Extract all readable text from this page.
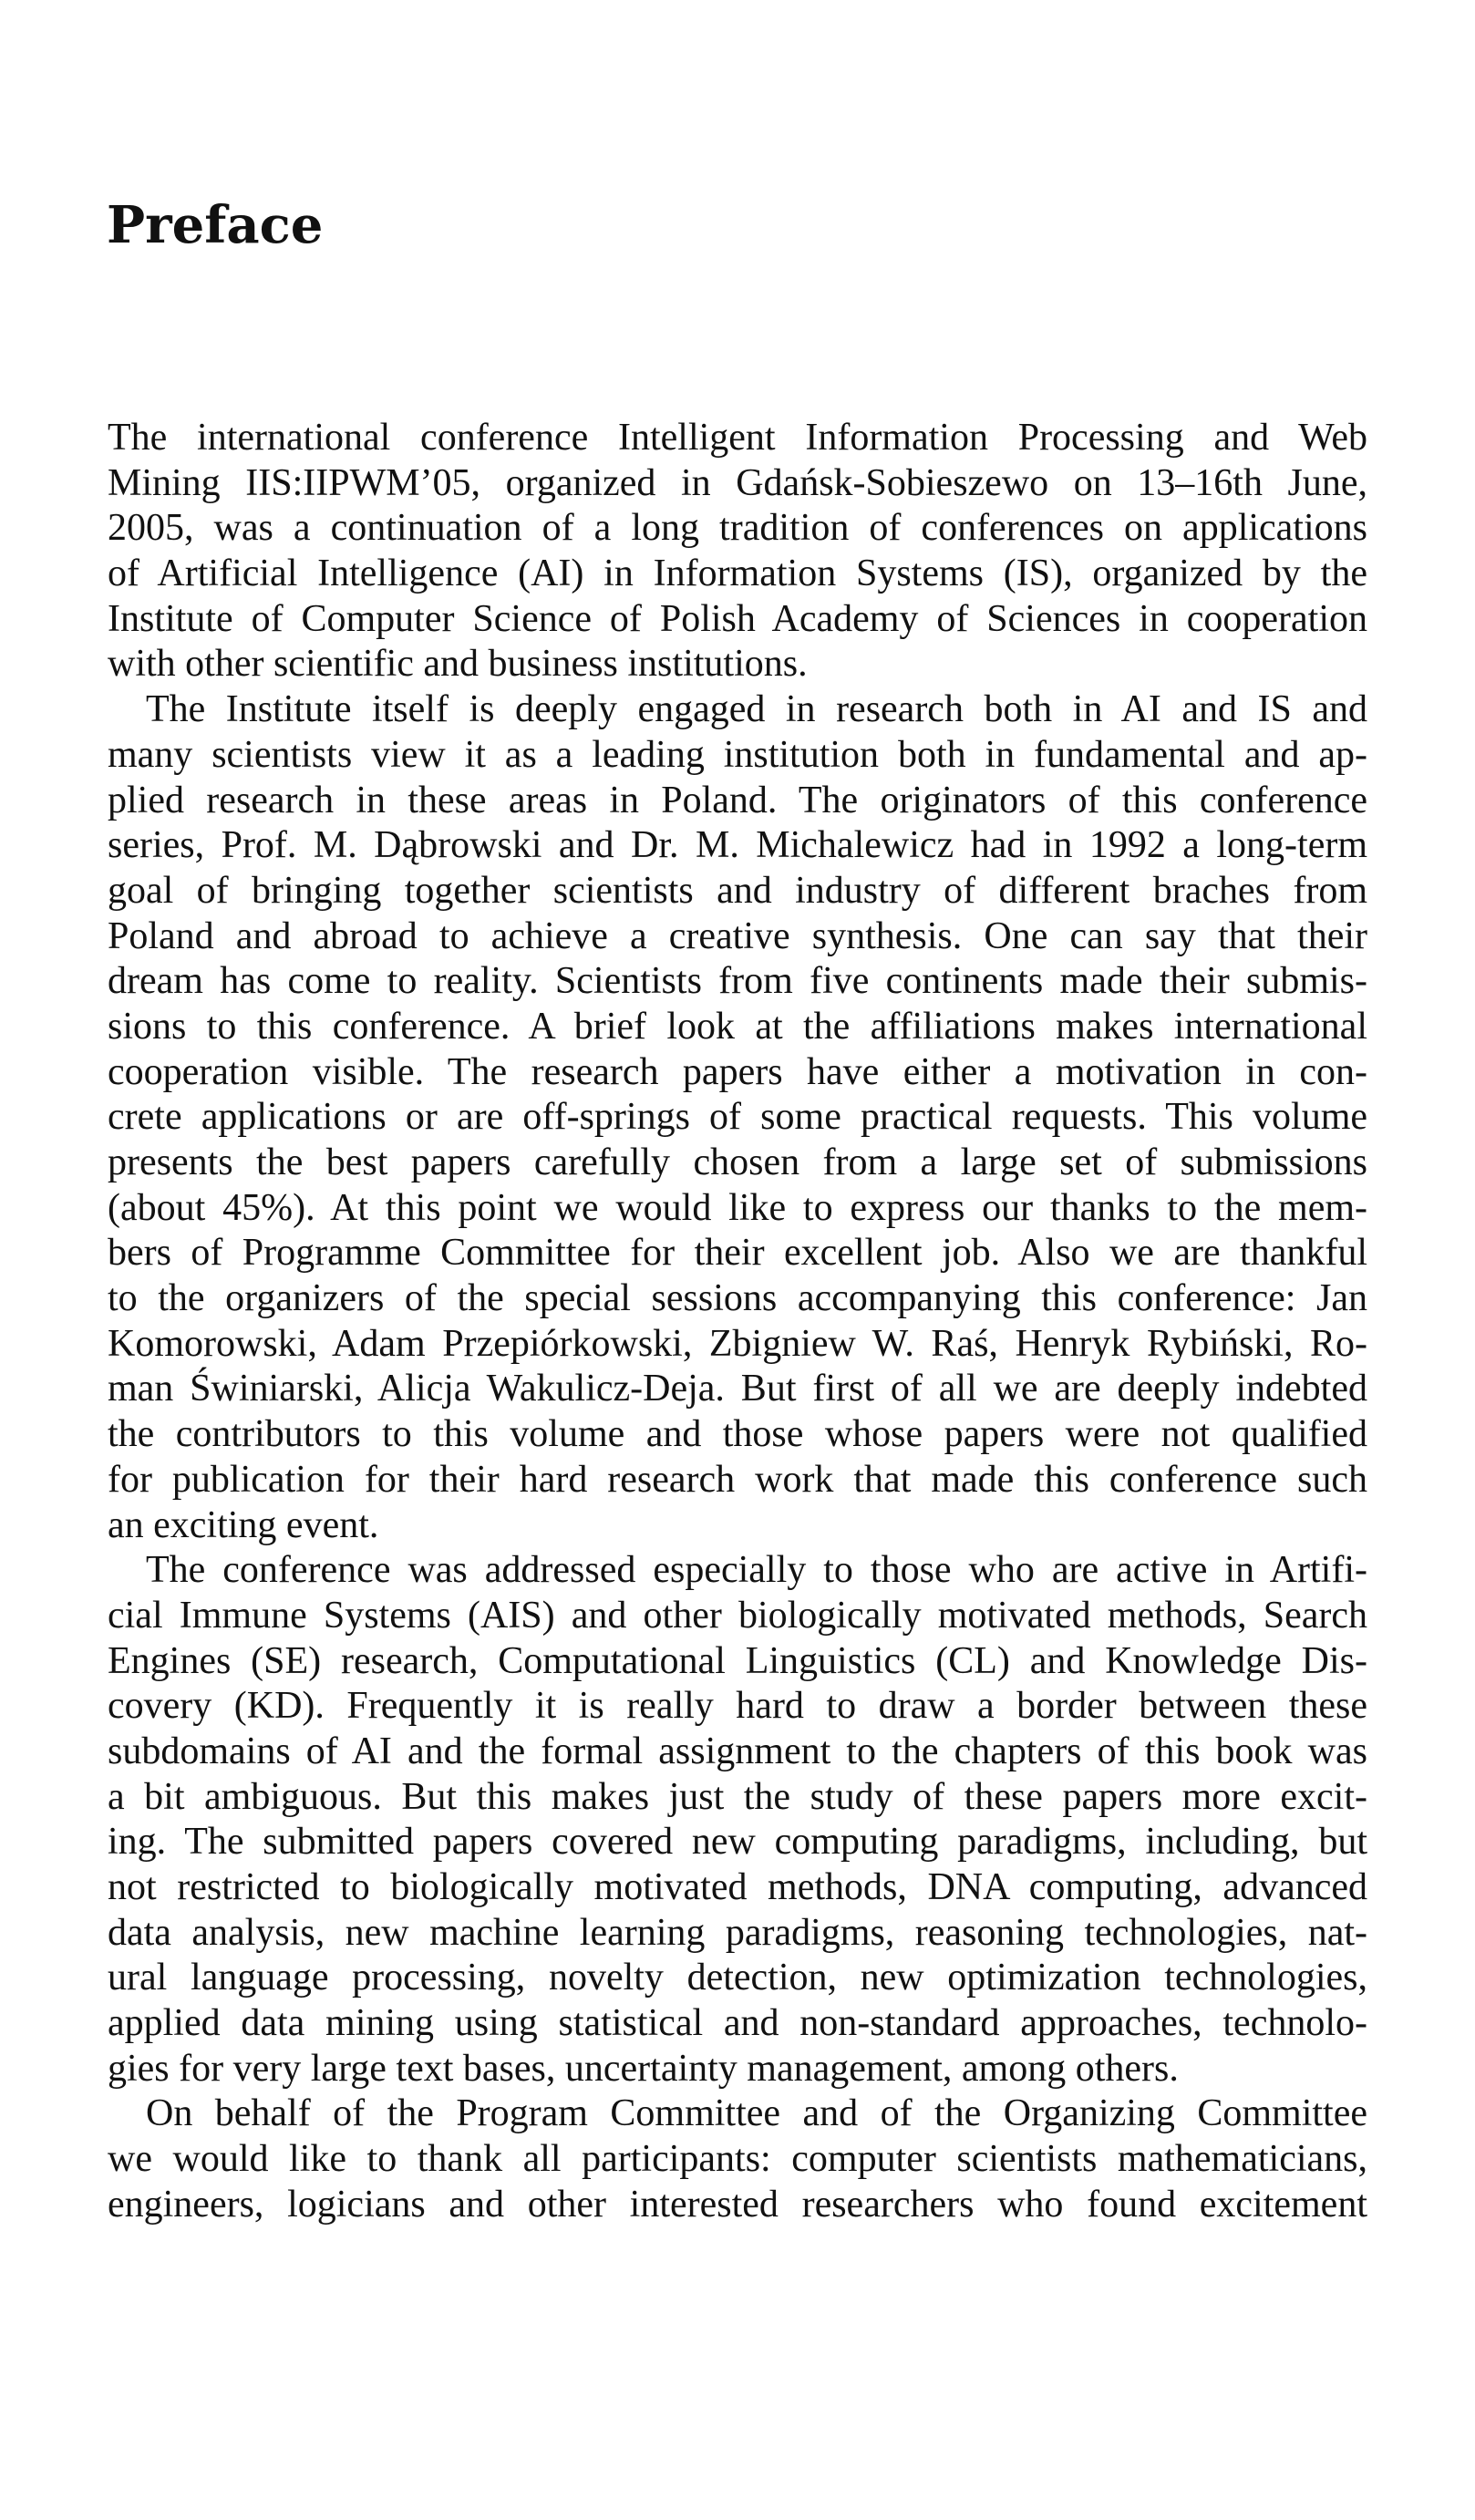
Preface
The international conference Intelligent Information Processing and Web
Mining IIS:IIPWM’05, organized in Gdańsk-Sobieszewo on 13–16th June,
2005, was a continuation of a long tradition of conferences on applications
of Artificial Intelligence (AI) in Information Systems (IS), organized by the
Institute of Computer Science of Polish Academy of Sciences in cooperation
with other scientific and business institutions.
The Institute itself is deeply engaged in research both in AI and IS and
many scientists view it as a leading institution both in fundamental and ap-
plied research in these areas in Poland. The originators of this conference
series, Prof. M. Dąbrowski and Dr. M. Michalewicz had in 1992 a long-term
goal of bringing together scientists and industry of different braches from
Poland and abroad to achieve a creative synthesis. One can say that their
dream has come to reality. Scientists from five continents made their submis-
sions to this conference. A brief look at the affiliations makes international
cooperation visible. The research papers have either a motivation in con-
crete applications or are off-springs of some practical requests. This volume
presents the best papers carefully chosen from a large set of submissions
(about 45%). At this point we would like to express our thanks to the mem-
bers of Programme Committee for their excellent job. Also we are thankful
to the organizers of the special sessions accompanying this conference: Jan
Komorowski, Adam Przepiórkowski, Zbigniew W. Raś, Henryk Rybiński, Ro-
man Świniarski, Alicja Wakulicz-Deja. But first of all we are deeply indebted
the contributors to this volume and those whose papers were not qualified
for publication for their hard research work that made this conference such
an exciting event.
The conference was addressed especially to those who are active in Artifi-
cial Immune Systems (AIS) and other biologically motivated methods, Search
Engines (SE) research, Computational Linguistics (CL) and Knowledge Dis-
covery (KD). Frequently it is really hard to draw a border between these
subdomains of AI and the formal assignment to the chapters of this book was
a bit ambiguous. But this makes just the study of these papers more excit-
ing. The submitted papers covered new computing paradigms, including, but
not restricted to biologically motivated methods, DNA computing, advanced
data analysis, new machine learning paradigms, reasoning technologies, nat-
ural language processing, novelty detection, new optimization technologies,
applied data mining using statistical and non-standard approaches, technolo-
gies for very large text bases, uncertainty management, among others.
On behalf of the Program Committee and of the Organizing Committee
we would like to thank all participants: computer scientists mathematicians,
engineers, logicians and other interested researchers who found excitement
